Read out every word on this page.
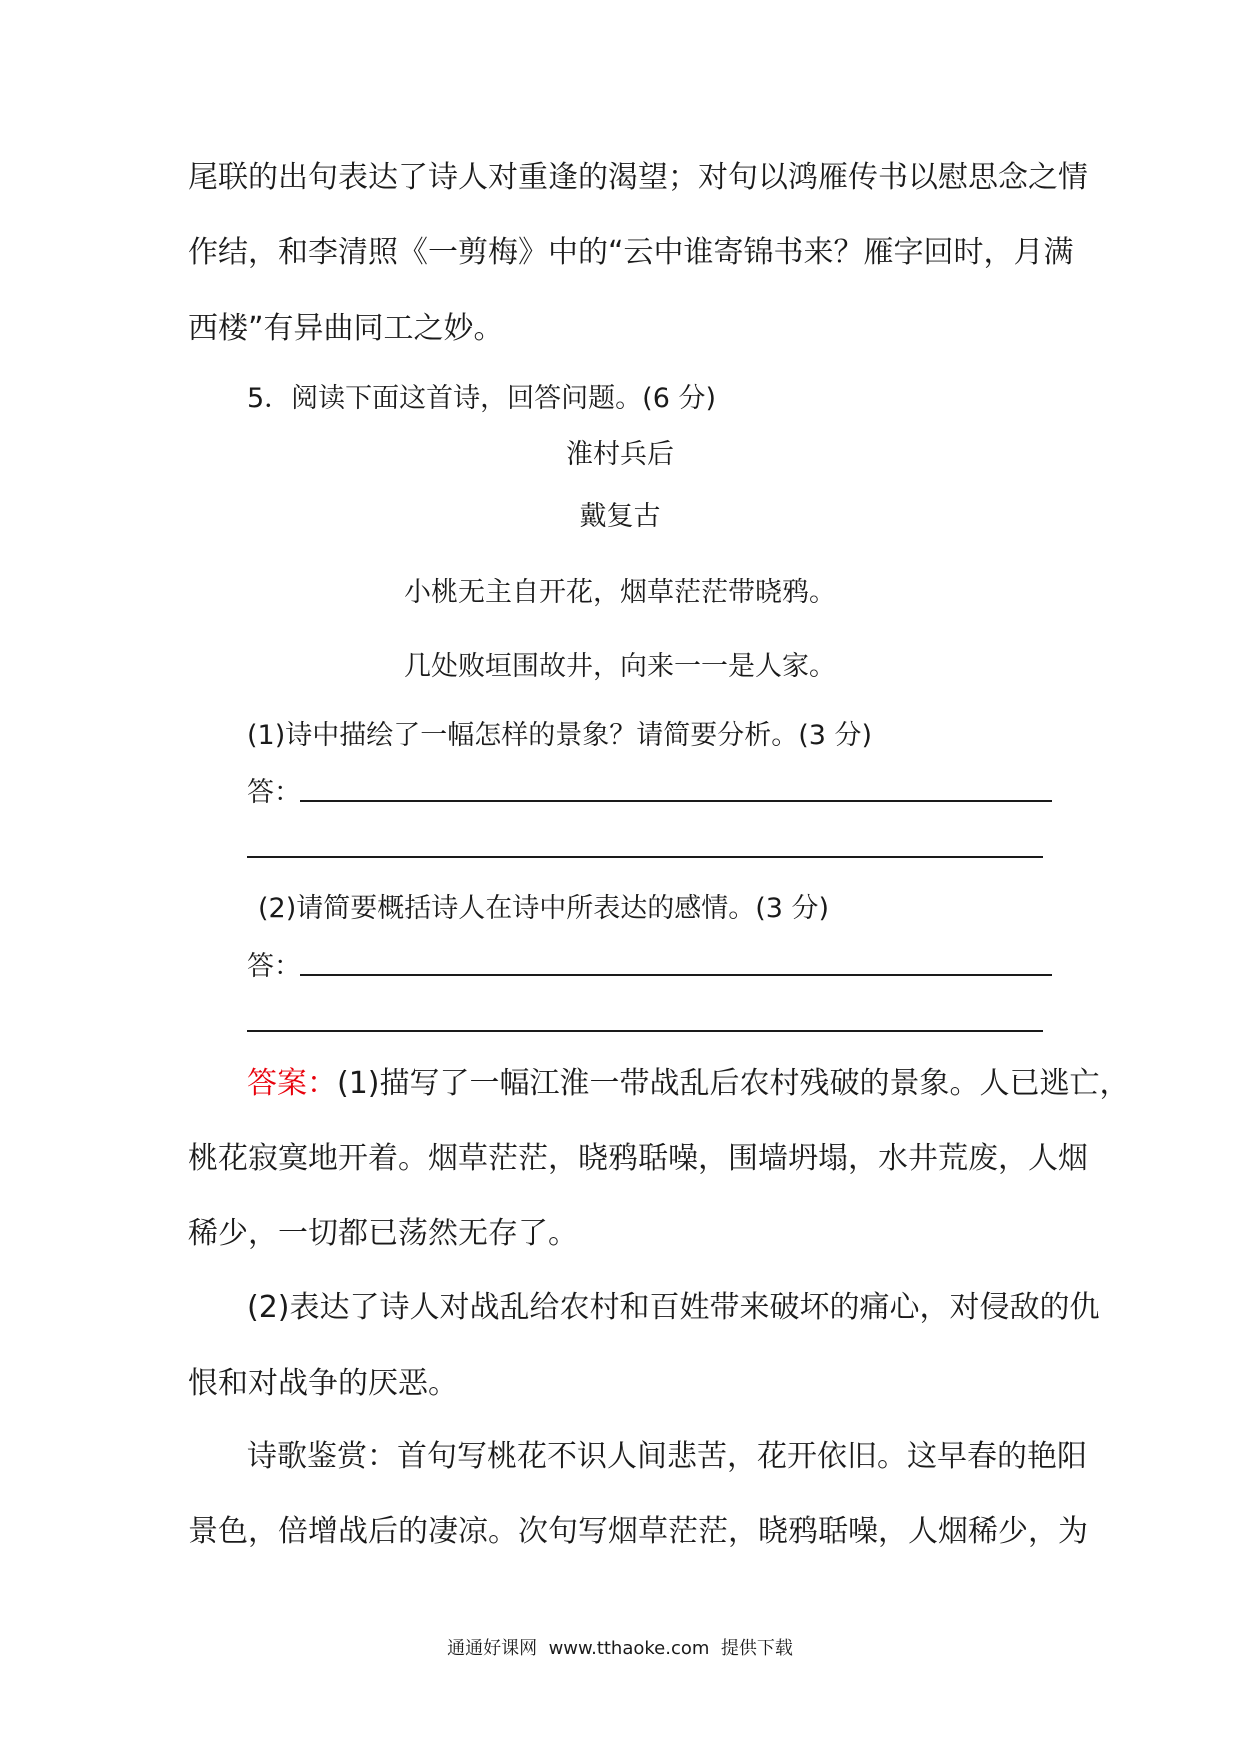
尾联的出句表达了诗人对重逢的渴望；对句以鸿雁传书以慰思念之情
作结，和李清照《一剪梅》中的“云中谁寄锦书来？雁字回时，月满
西楼”有异曲同工之妙。
5．阅读下面这首诗，回答问题。(6 分)
淮村兵后
戴复古
小桃无主自开花，烟草茫茫带晓鸦。
几处败垣围故井，向来一一是人家。
(1)诗中描绘了一幅怎样的景象？请简要分析。(3 分)
答：
(2)请简要概括诗人在诗中所表达的感情。(3 分)
答：
答案：(1)描写了一幅江淮一带战乱后农村残破的景象。人已逃亡，
桃花寂寞地开着。烟草茫茫，晓鸦聒噪，围墙坍塌，水井荒废，人烟
稀少，一切都已荡然无存了。
(2)表达了诗人对战乱给农村和百姓带来破坏的痛心，对侵敌的仇
恨和对战争的厌恶。
诗歌鉴赏：首句写桃花不识人间悲苦，花开依旧。这早春的艳阳
景色，倍增战后的凄凉。次句写烟草茫茫，晓鸦聒噪，人烟稀少，为
通通好课网  www.tthaoke.com  提供下载
